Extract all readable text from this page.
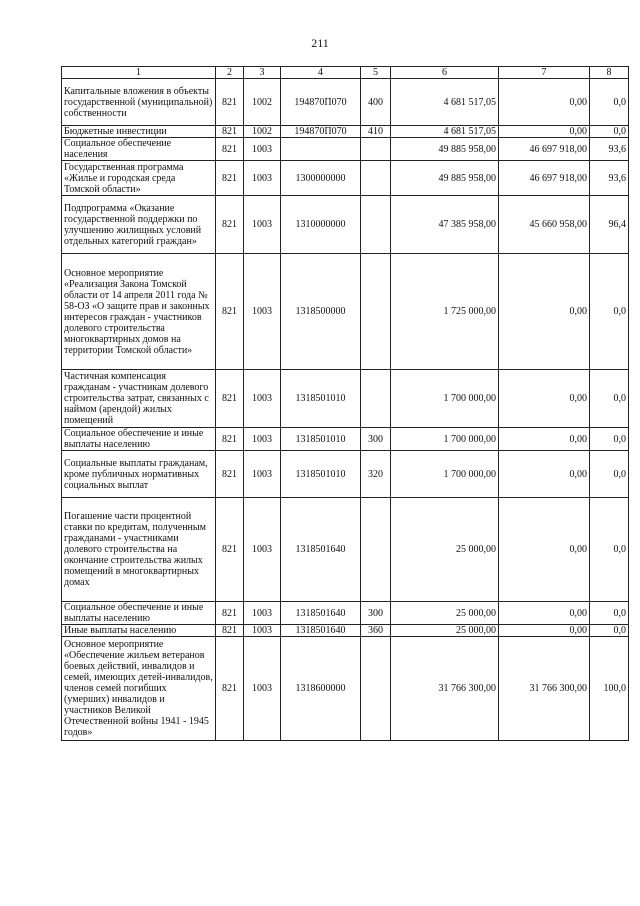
211
1	2	3	4	5	6	7	8
Капитальные вложения в объекты государственной (муниципальной) собственности	821	1002	194870П070	400	4 681 517,05	0,00	0,0
Бюджетные инвестиции	821	1002	194870П070	410	4 681 517,05	0,00	0,0
Социальное обеспечение населения	821	1003			49 885 958,00	46 697 918,00	93,6
Государственная программа «Жилье и городская среда Томской области»	821	1003	1300000000		49 885 958,00	46 697 918,00	93,6
Подпрограмма «Оказание государственной поддержки по улучшению жилищных условий отдельных категорий граждан»	821	1003	1310000000		47 385 958,00	45 660 958,00	96,4
Основное мероприятие «Реализация Закона Томской области от 14 апреля 2011 года № 58-ОЗ «О защите прав и законных интересов граждан - участников долевого строительства многоквартирных домов на территории Томской области»	821	1003	1318500000		1 725 000,00	0,00	0,0
Частичная компенсация гражданам - участникам долевого строительства затрат, связанных с наймом (арендой) жилых помещений	821	1003	1318501010		1 700 000,00	0,00	0,0
Социальное обеспечение и иные выплаты населению	821	1003	1318501010	300	1 700 000,00	0,00	0,0
Социальные выплаты гражданам, кроме публичных нормативных социальных выплат	821	1003	1318501010	320	1 700 000,00	0,00	0,0
Погашение части процентной ставки по кредитам, полученным гражданами - участниками долевого строительства на окончание строительства жилых помещений в многоквартирных домах	821	1003	1318501640		25 000,00	0,00	0,0
Социальное обеспечение и иные выплаты населению	821	1003	1318501640	300	25 000,00	0,00	0,0
Иные выплаты населению	821	1003	1318501640	360	25 000,00	0,00	0,0
Основное мероприятие «Обеспечение жильем ветеранов боевых действий, инвалидов и семей, имеющих детей-инвалидов, членов семей погибших (умерших) инвалидов и участников Великой Отечественной войны 1941 - 1945 годов»	821	1003	1318600000		31 766 300,00	31 766 300,00	100,0
